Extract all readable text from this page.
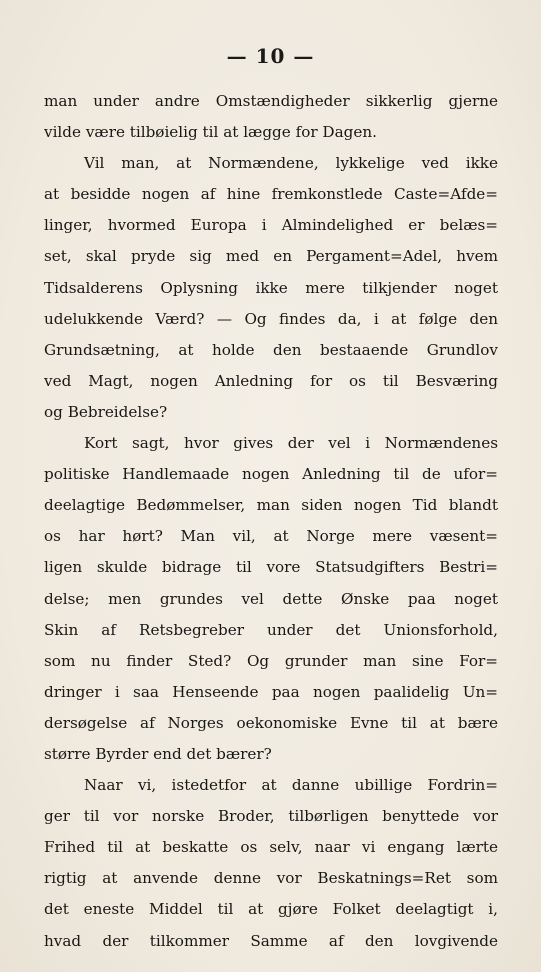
— 10 —
man under andre Omstændigheder sikkerlig gjerne
vilde være tilbøielig til at lægge for Dagen.
Vil man, at Normændene, lykkelige ved ikke
at besidde nogen af hine fremkonstlede Caste=Afde=
linger, hvormed Europa i Almindelighed er belæs=
set, skal pryde sig med en Pergament=Adel, hvem
Tidsalderens Oplysning ikke mere tilkjender noget
udelukkende Værd? — Og findes da, i at følge den
Grundsætning, at holde den bestaaende Grundlov
ved Magt, nogen Anledning for os til Besværing
og Bebreidelse?
Kort sagt, hvor gives der vel i Normændenes
politiske Handlemaade nogen Anledning til de ufor=
deelagtige Bedømmelser, man siden nogen Tid blandt
os har hørt? Man vil, at Norge mere væsent=
ligen skulde bidrage til vore Statsudgifters Bestri=
delse; men grundes vel dette Ønske paa noget
Skin af Retsbegreber under det Unionsforhold,
som nu finder Sted? Og grunder man sine For=
dringer i saa Henseende paa nogen paalidelig Un=
dersøgelse af Norges oekonomiske Evne til at bære
større Byrder end det bærer?
Naar vi, istedetfor at danne ubillige Fordrin=
ger til vor norske Broder, tilbørligen benyttede vor
Frihed til at beskatte os selv, naar vi engang lærte
rigtig at anvende denne vor Beskatnings=Ret som
det eneste Middel til at gjøre Folket deelagtigt i,
hvad der tilkommer Samme af den lovgivende
